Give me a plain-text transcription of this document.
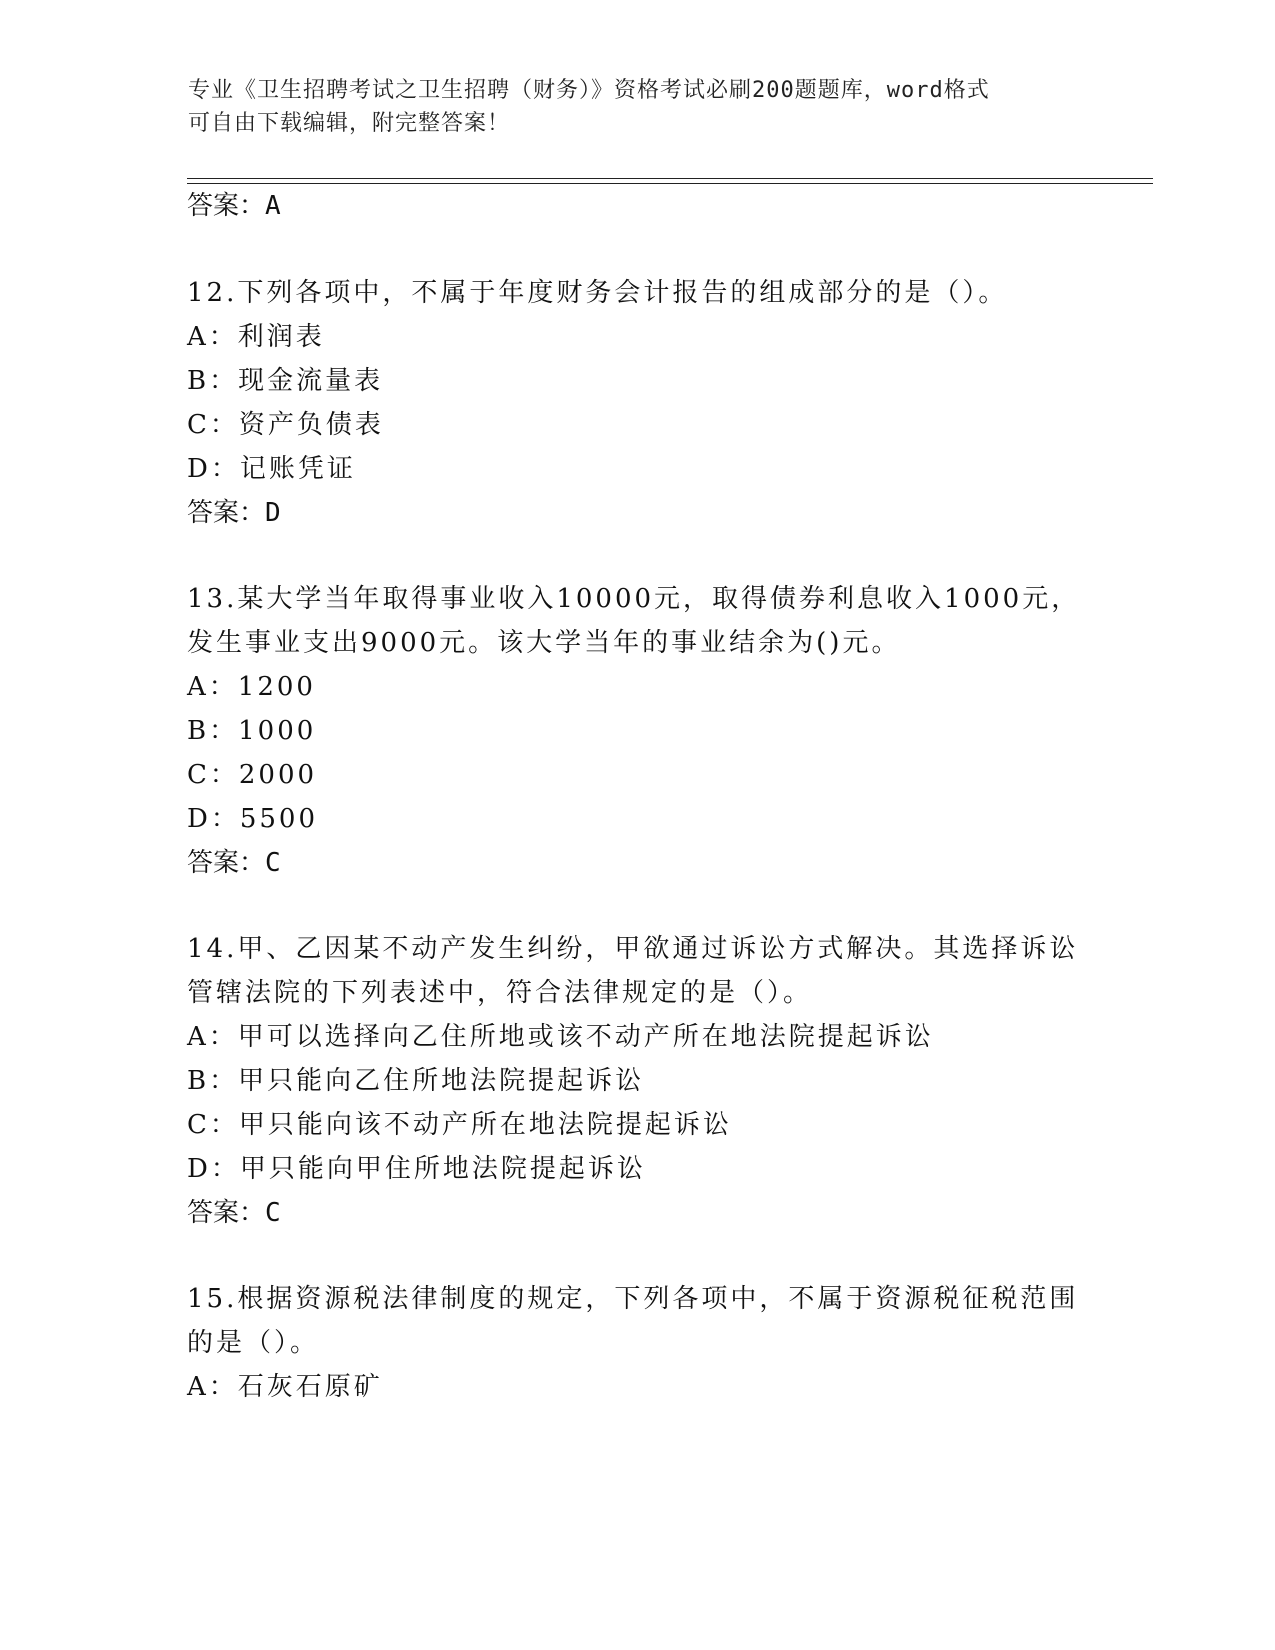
专业《卫生招聘考试之卫生招聘（财务）》资格考试必刷200题题库，word格式
可自由下载编辑，附完整答案！
答案：A
12.下列各项中，不属于年度财务会计报告的组成部分的是（）。
A：利润表
B：现金流量表
C：资产负债表
D：记账凭证
答案：D
13.某大学当年取得事业收入10000元，取得债券利息收入1000元，
发生事业支出9000元。该大学当年的事业结余为()元。
A：1200
B：1000
C：2000
D：5500
答案：C
14.甲、乙因某不动产发生纠纷，甲欲通过诉讼方式解决。其选择诉讼
管辖法院的下列表述中，符合法律规定的是（）。
A：甲可以选择向乙住所地或该不动产所在地法院提起诉讼
B：甲只能向乙住所地法院提起诉讼
C：甲只能向该不动产所在地法院提起诉讼
D：甲只能向甲住所地法院提起诉讼
答案：C
15.根据资源税法律制度的规定，下列各项中，不属于资源税征税范围
的是（）。
A：石灰石原矿
